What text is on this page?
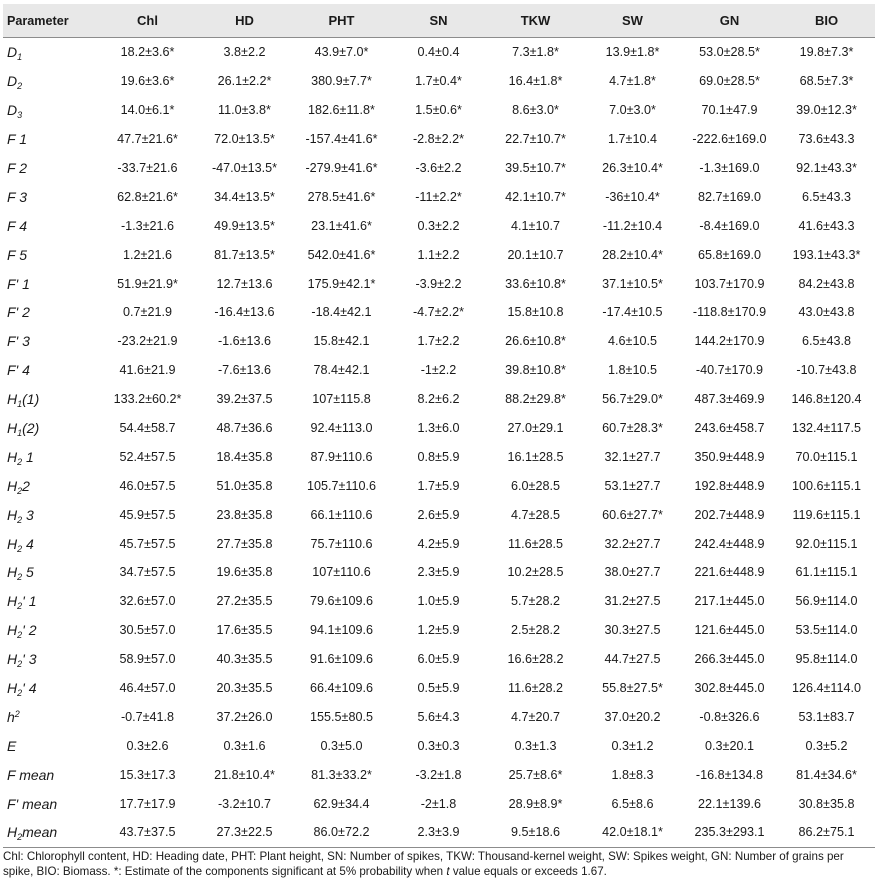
Parameter	Chl	HD	PHT	SN	TKW	SW	GN	BIO
$D_1$	18.2±3.6*	3.8±2.2	43.9±7.0*	0.4±0.4	7.3±1.8*	13.9±1.8*	53.0±28.5*	19.8±7.3*
$D_2$	19.6±3.6*	26.1±2.2*	380.9±7.7*	1.7±0.4*	16.4±1.8*	4.7±1.8*	69.0±28.5*	68.5±7.3*
$D_3$	14.0±6.1*	11.0±3.8*	182.6±11.8*	1.5±0.6*	8.6±3.0*	7.0±3.0*	70.1±47.9	39.0±12.3*
F 1	47.7±21.6*	72.0±13.5*	-157.4±41.6*	-2.8±2.2*	22.7±10.7*	1.7±10.4	-222.6±169.0	73.6±43.3
F 2	-33.7±21.6	-47.0±13.5*	-279.9±41.6*	-3.6±2.2	39.5±10.7*	26.3±10.4*	-1.3±169.0	92.1±43.3*
F 3	62.8±21.6*	34.4±13.5*	278.5±41.6*	-11±2.2*	42.1±10.7*	-36±10.4*	82.7±169.0	6.5±43.3
F 4	-1.3±21.6	49.9±13.5*	23.1±41.6*	0.3±2.2	4.1±10.7	-11.2±10.4	-8.4±169.0	41.6±43.3
F 5	1.2±21.6	81.7±13.5*	542.0±41.6*	1.1±2.2	20.1±10.7	28.2±10.4*	65.8±169.0	193.1±43.3*
F' 1	51.9±21.9*	12.7±13.6	175.9±42.1*	-3.9±2.2	33.6±10.8*	37.1±10.5*	103.7±170.9	84.2±43.8
F' 2	0.7±21.9	-16.4±13.6	-18.4±42.1	-4.7±2.2*	15.8±10.8	-17.4±10.5	-118.8±170.9	43.0±43.8
F' 3	-23.2±21.9	-1.6±13.6	15.8±42.1	1.7±2.2	26.6±10.8*	4.6±10.5	144.2±170.9	6.5±43.8
F' 4	41.6±21.9	-7.6±13.6	78.4±42.1	-1±2.2	39.8±10.8*	1.8±10.5	-40.7±170.9	-10.7±43.8
$H_1(1)$	133.2±60.2*	39.2±37.5	107±115.8	8.2±6.2	88.2±29.8*	56.7±29.0*	487.3±469.9	146.8±120.4
$H_1(2)$	54.4±58.7	48.7±36.6	92.4±113.0	1.3±6.0	27.0±29.1	60.7±28.3*	243.6±458.7	132.4±117.5
$H_2$ 1	52.4±57.5	18.4±35.8	87.9±110.6	0.8±5.9	16.1±28.5	32.1±27.7	350.9±448.9	70.0±115.1
$H_22$	46.0±57.5	51.0±35.8	105.7±110.6	1.7±5.9	6.0±28.5	53.1±27.7	192.8±448.9	100.6±115.1
$H_2$ 3	45.9±57.5	23.8±35.8	66.1±110.6	2.6±5.9	4.7±28.5	60.6±27.7*	202.7±448.9	119.6±115.1
$H_2$ 4	45.7±57.5	27.7±35.8	75.7±110.6	4.2±5.9	11.6±28.5	32.2±27.7	242.4±448.9	92.0±115.1
$H_2$ 5	34.7±57.5	19.6±35.8	107±110.6	2.3±5.9	10.2±28.5	38.0±27.7	221.6±448.9	61.1±115.1
$H_2'$ 1	32.6±57.0	27.2±35.5	79.6±109.6	1.0±5.9	5.7±28.2	31.2±27.5	217.1±445.0	56.9±114.0
$H_2'$ 2	30.5±57.0	17.6±35.5	94.1±109.6	1.2±5.9	2.5±28.2	30.3±27.5	121.6±445.0	53.5±114.0
$H_2'$ 3	58.9±57.0	40.3±35.5	91.6±109.6	6.0±5.9	16.6±28.2	44.7±27.5	266.3±445.0	95.8±114.0
$H_2'$ 4	46.4±57.0	20.3±35.5	66.4±109.6	0.5±5.9	11.6±28.2	55.8±27.5*	302.8±445.0	126.4±114.0
$h^2$	-0.7±41.8	37.2±26.0	155.5±80.5	5.6±4.3	4.7±20.7	37.0±20.2	-0.8±326.6	53.1±83.7
E	0.3±2.6	0.3±1.6	0.3±5.0	0.3±0.3	0.3±1.3	0.3±1.2	0.3±20.1	0.3±5.2
F mean	15.3±17.3	21.8±10.4*	81.3±33.2*	-3.2±1.8	25.7±8.6*	1.8±8.3	-16.8±134.8	81.4±34.6*
F' mean	17.7±17.9	-3.2±10.7	62.9±34.4	-2±1.8	28.9±8.9*	6.5±8.6	22.1±139.6	30.8±35.8
$H_2mean$	43.7±37.5	27.3±22.5	86.0±72.2	2.3±3.9	9.5±18.6	42.0±18.1*	235.3±293.1	86.2±75.1
Chl: Chlorophyll content, HD: Heading date, PHT: Plant height, SN: Number of spikes, TKW: Thousand-kernel weight, SW: Spikes weight, GN: Number of grains per spike, BIO: Biomass. *: Estimate of the components significant at 5% probability when t value equals or exceeds 1.67.
